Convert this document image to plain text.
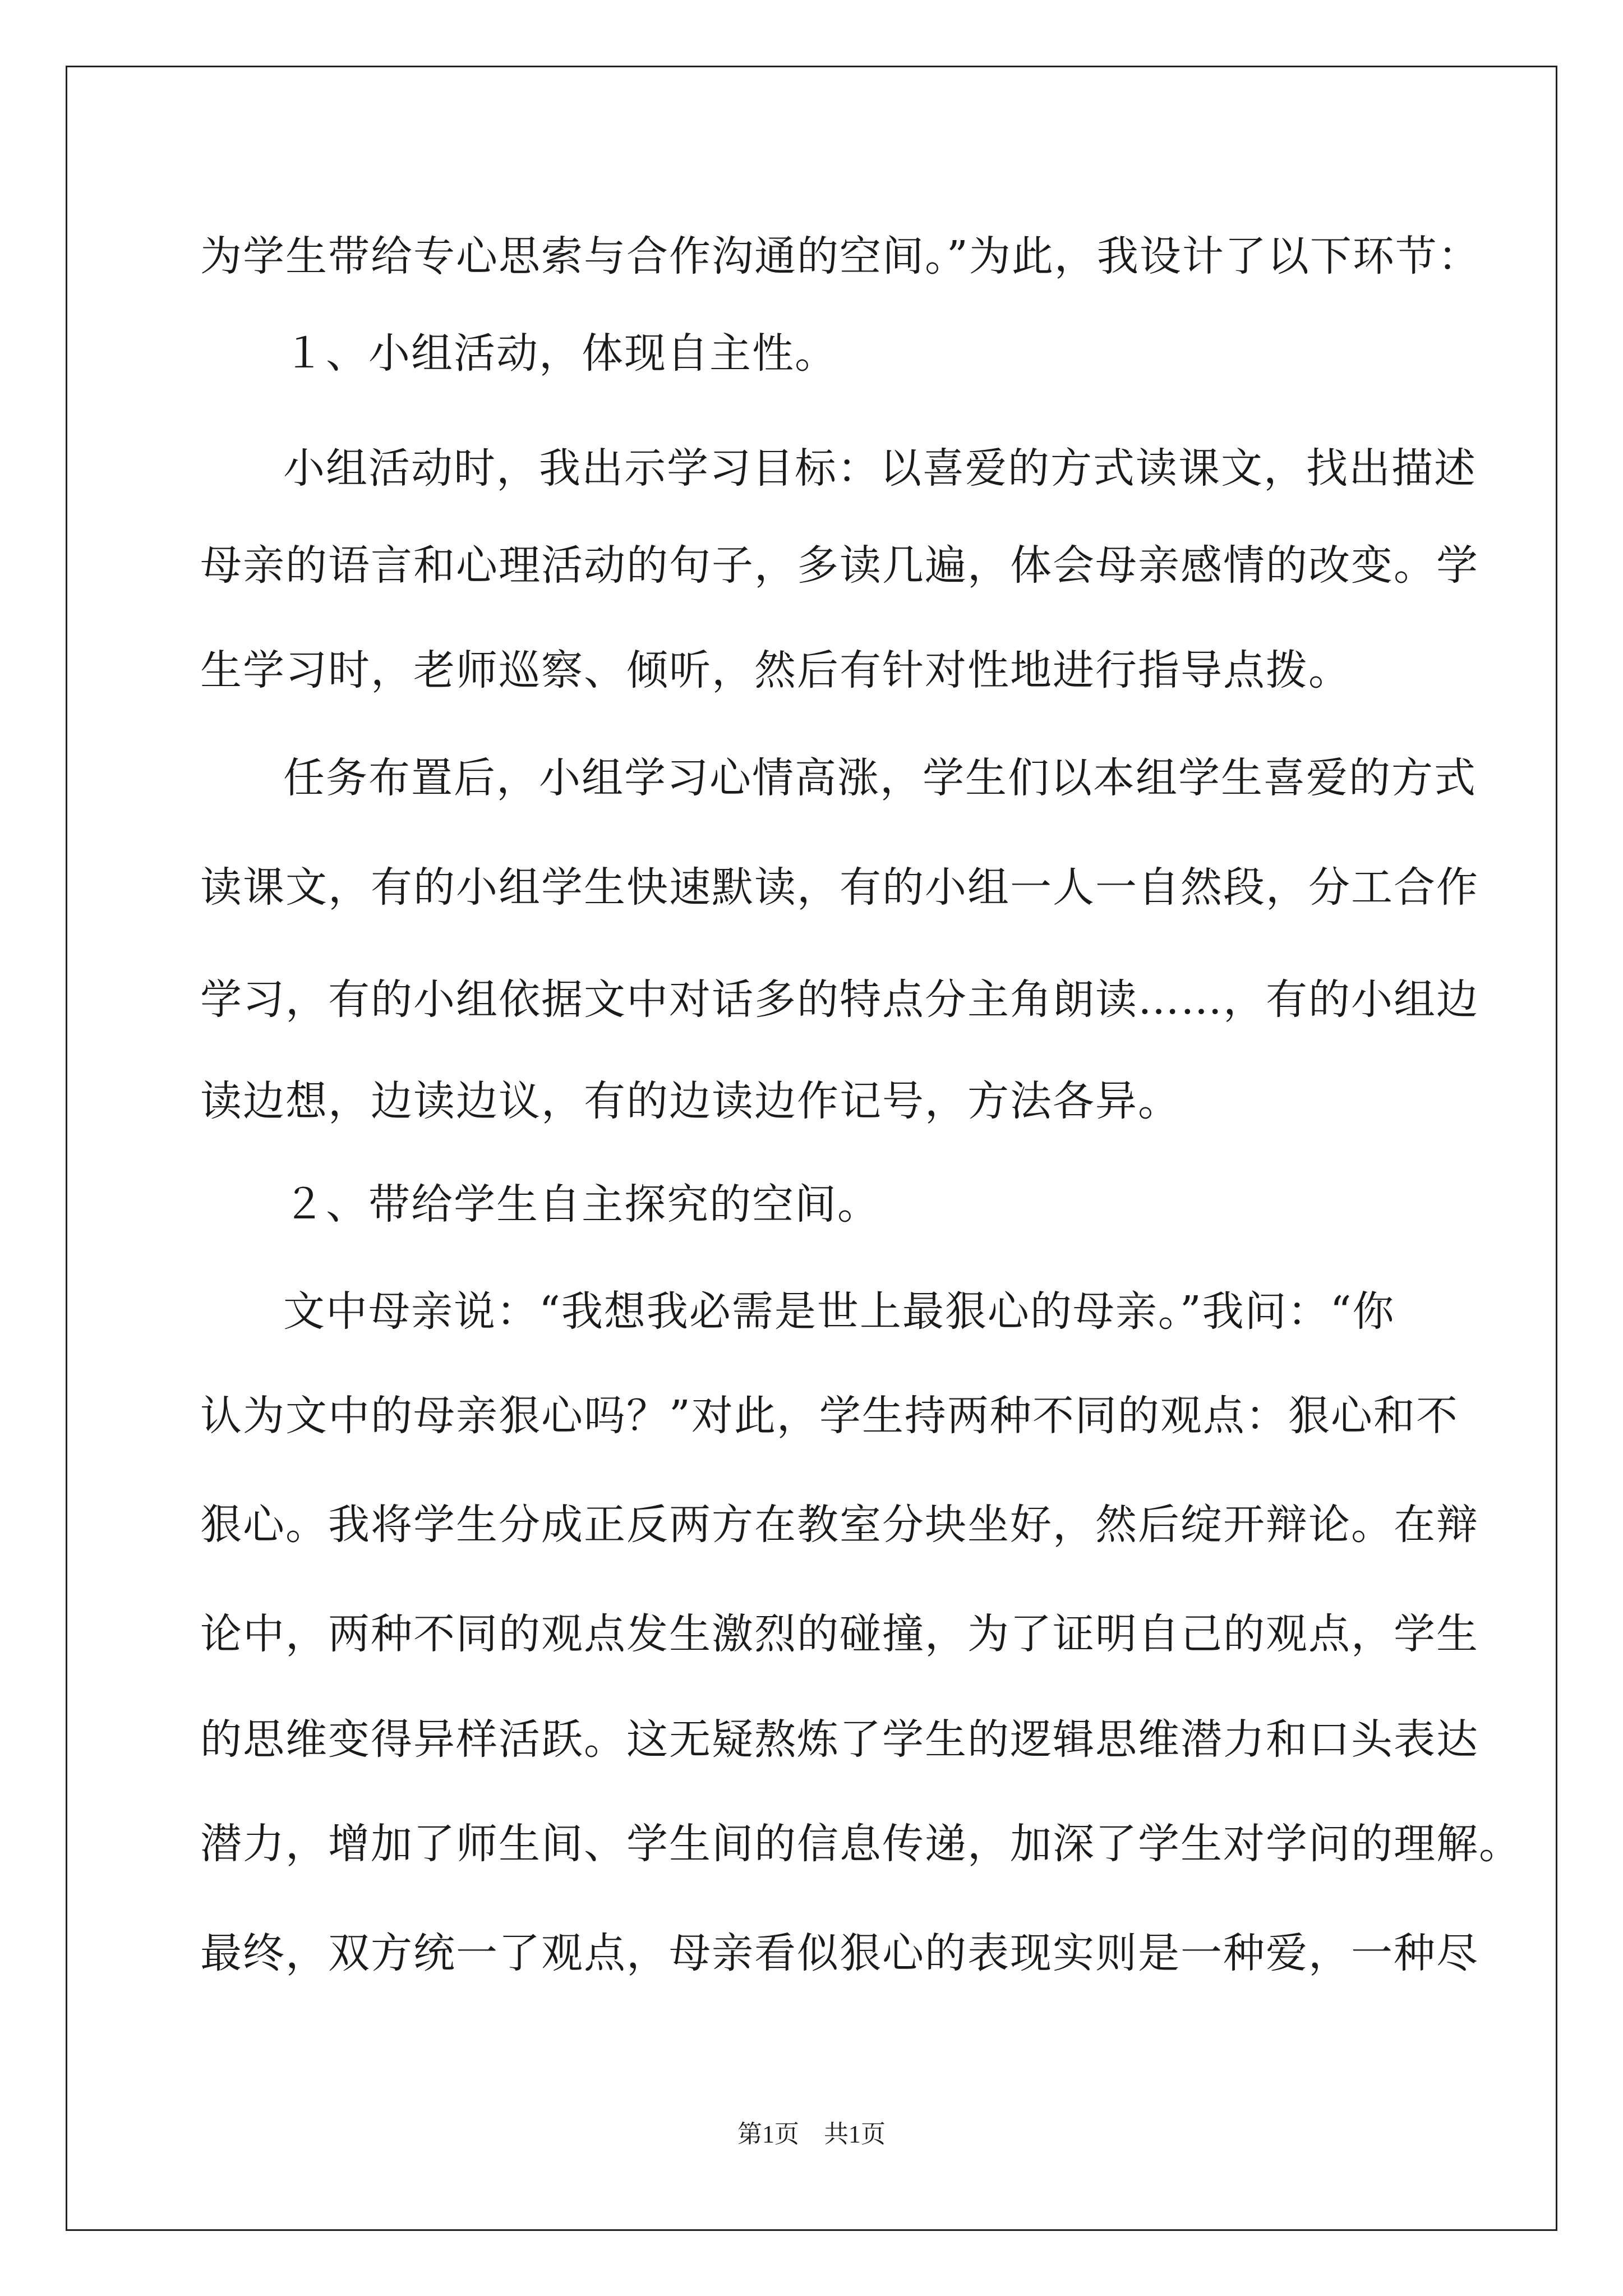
为学生带给专心思索与合作沟通的空间。”为此，我设计了以下环节：
１、小组活动，体现自主性。
小组活动时，我出示学习目标：以喜爱的方式读课文，找出描述
母亲的语言和心理活动的句子，多读几遍，体会母亲感情的改变。学
生学习时，老师巡察、倾听，然后有针对性地进行指导点拨。
任务布置后，小组学习心情高涨，学生们以本组学生喜爱的方式
读课文，有的小组学生快速默读，有的小组一人一自然段，分工合作
学习，有的小组依据文中对话多的特点分主角朗读……，有的小组边
读边想，边读边议，有的边读边作记号，方法各异。
２、带给学生自主探究的空间。
文中母亲说：“我想我必需是世上最狠心的母亲。”我问：“你
认为文中的母亲狠心吗？”对此，学生持两种不同的观点：狠心和不
狠心。我将学生分成正反两方在教室分块坐好，然后绽开辩论。在辩
论中，两种不同的观点发生激烈的碰撞，为了证明自己的观点，学生
的思维变得异样活跃。这无疑熬炼了学生的逻辑思维潜力和口头表达
潜力，增加了师生间、学生间的信息传递，加深了学生对学问的理解。
最终，双方统一了观点，母亲看似狠心的表现实则是一种爱，一种尽
第1页　共1页
